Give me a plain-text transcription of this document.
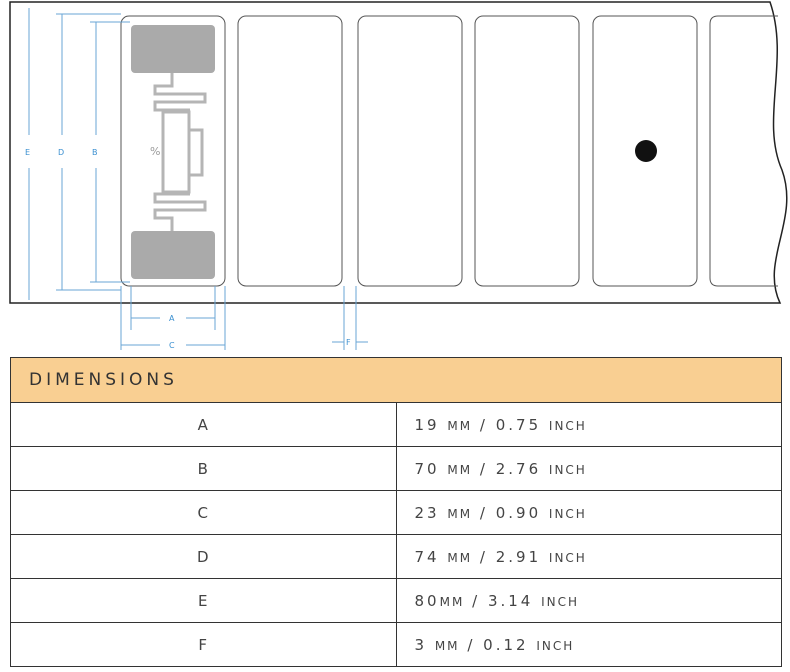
%
E	D	B
A
C	F
DIMENSIONS	
A	19 MM / 0.75 INCH
B	70 MM / 2.76 INCH
C	23 MM / 0.90 INCH
D	74 MM / 2.91 INCH
E	80MM / 3.14 INCH
F	3 MM / 0.12 INCH
